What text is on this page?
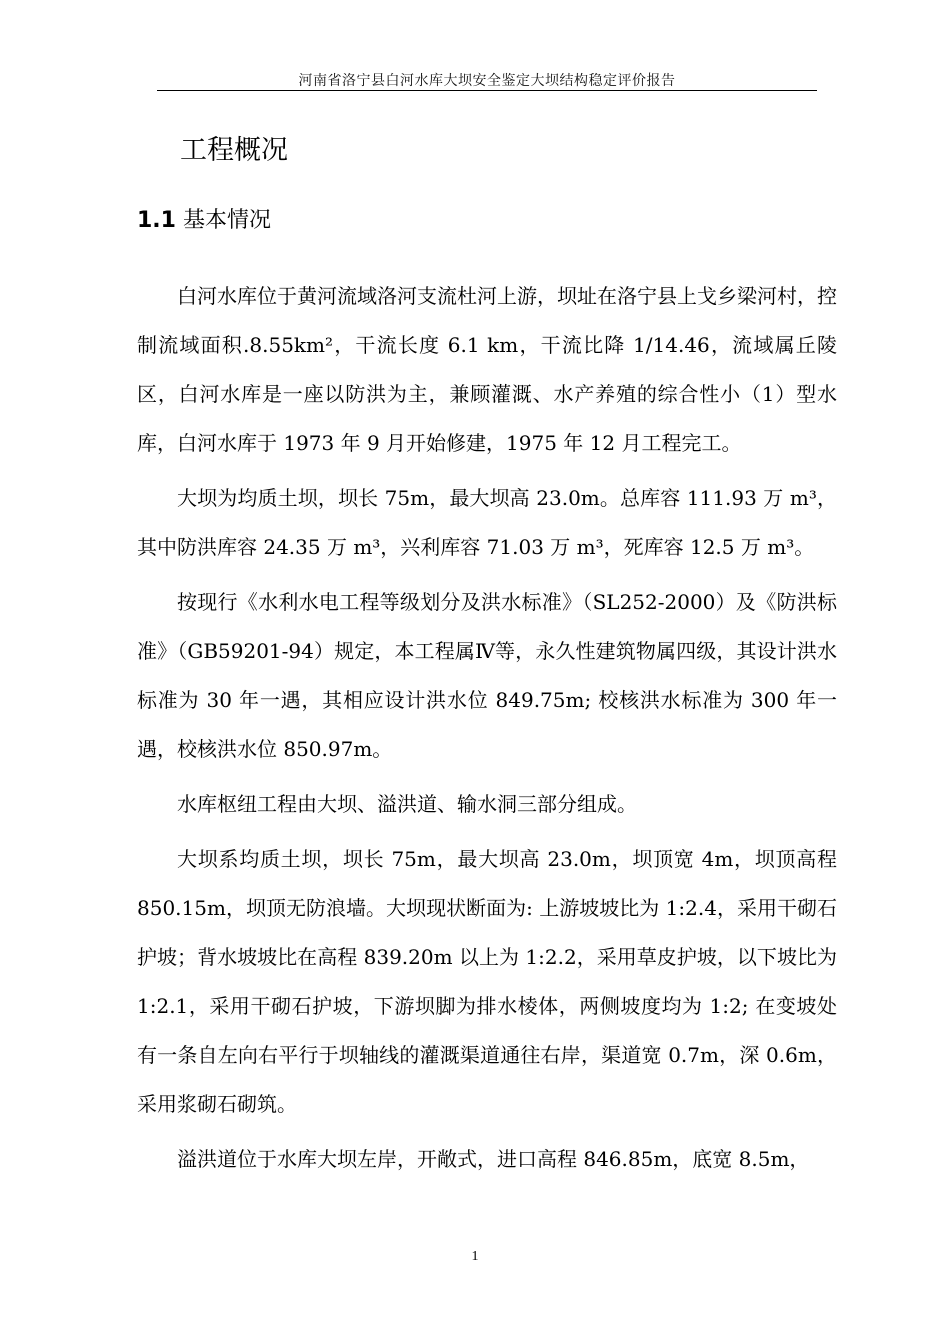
河南省洛宁县白河水库大坝安全鉴定大坝结构稳定评价报告
工程概况
1.1 基本情况

白河水库位于黄河流域洛河支流杜河上游，坝址在洛宁县上戈乡梁河村，控制流域面积.8.55km²，干流长度 6.1 km，干流比降 1/14.46，流域属丘陵区，白河水库是一座以防洪为主，兼顾灌溉、水产养殖的综合性小（1）型水库，白河水库于 1973 年 9 月开始修建，1975 年 12 月工程完工。

大坝为均质土坝，坝长 75m，最大坝高 23.0m。总库容 111.93 万 m³，其中防洪库容 24.35 万 m³，兴利库容 71.03 万 m³，死库容 12.5 万 m³。

按现行《水利水电工程等级划分及洪水标准》（SL252-2000）及《防洪标准》（GB59201-94）规定，本工程属Ⅳ等，永久性建筑物属四级，其设计洪水标准为 30 年一遇，其相应设计洪水位 849.75m; 校核洪水标准为 300 年一遇，校核洪水位 850.97m。

水库枢纽工程由大坝、溢洪道、输水洞三部分组成。

大坝系均质土坝，坝长 75m，最大坝高 23.0m，坝顶宽 4m，坝顶高程 850.15m，坝顶无防浪墙。大坝现状断面为: 上游坡坡比为 1:2.4，采用干砌石护坡；背水坡坡比在高程 839.20m 以上为 1:2.2，采用草皮护坡，以下坡比为 1:2.1，采用干砌石护坡，下游坝脚为排水棱体，两侧坡度均为 1:2; 在变坡处有一条自左向右平行于坝轴线的灌溉渠道通往右岸，渠道宽 0.7m，深 0.6m，采用浆砌石砌筑。

溢洪道位于水库大坝左岸，开敞式，进口高程 846.85m，底宽 8.5m，

1
